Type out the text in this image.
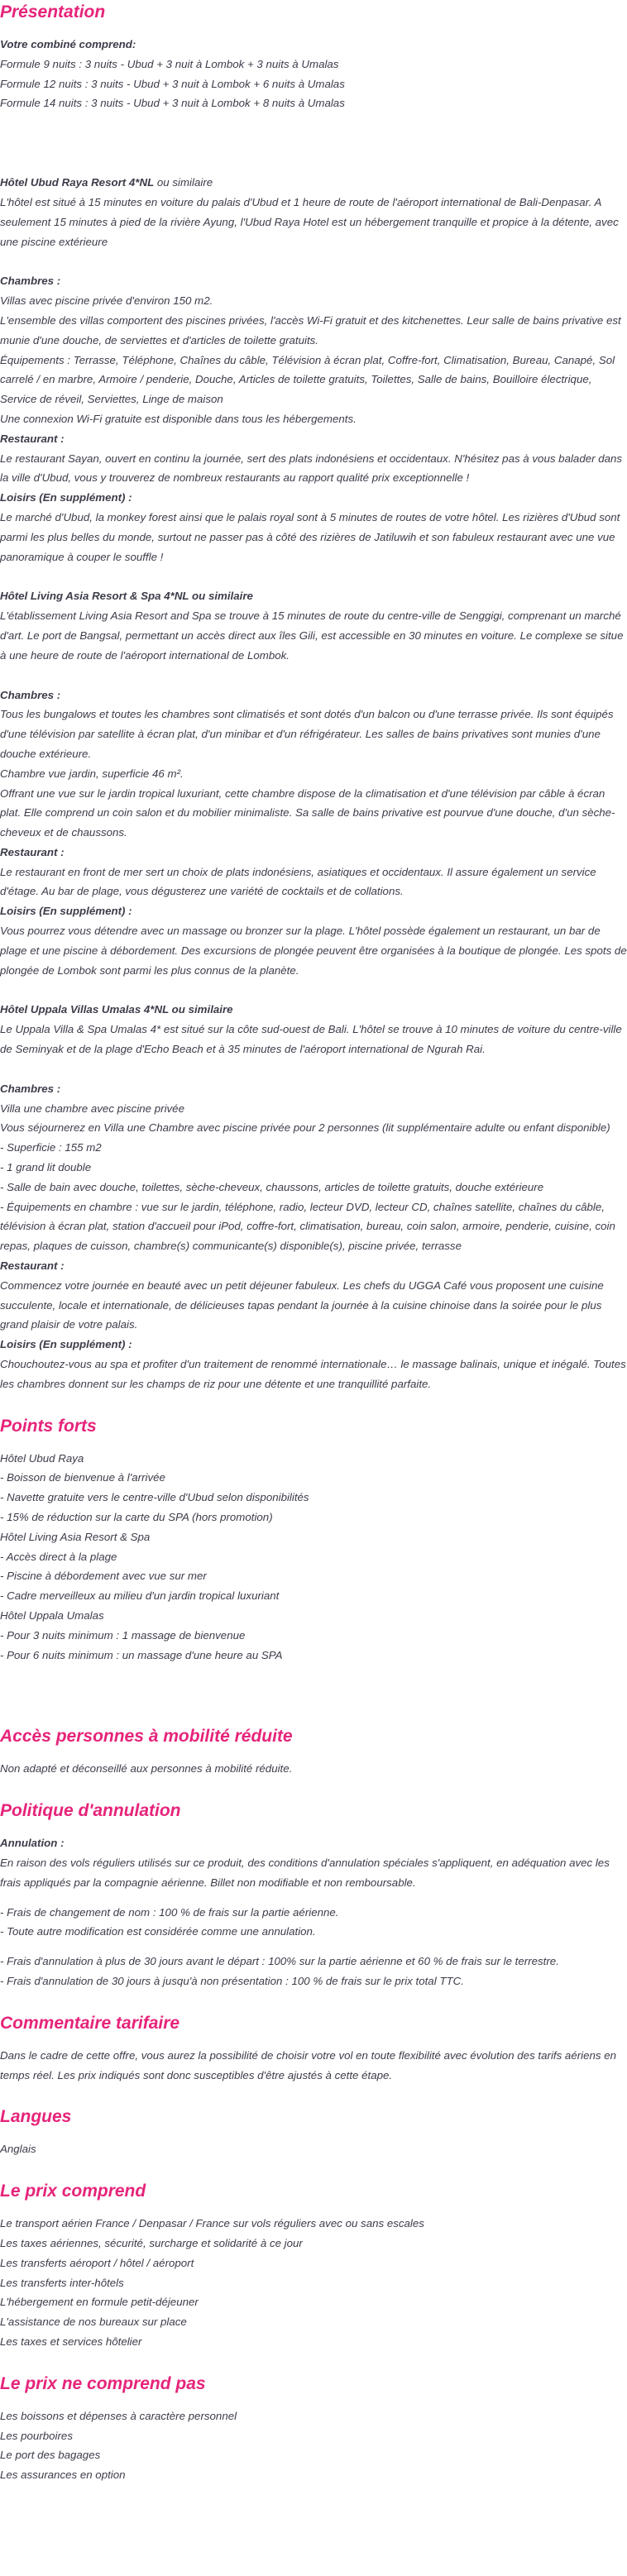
Présentation

Votre combiné comprend:

Formule 9 nuits : 3 nuits - Ubud + 3 nuit à Lombok + 3 nuits à Umalas

Formule 12 nuits : 3 nuits - Ubud + 3 nuit à Lombok + 6 nuits à Umalas

Formule 14 nuits : 3 nuits - Ubud + 3 nuit à Lombok + 8 nuits à Umalas

Hôtel Ubud Raya Resort 4*NL ou similaire

L'hôtel est situé à 15 minutes en voiture du palais d'Ubud et 1 heure de route de l'aéroport international de Bali-Denpasar. A seulement 15 minutes à pied de la rivière Ayung, l'Ubud Raya Hotel est un hébergement tranquille et propice à la détente, avec une piscine extérieure

Chambres :

Villas avec piscine privée d'environ 150 m2.

L'ensemble des villas comportent des piscines privées, l'accès Wi-Fi gratuit et des kitchenettes. Leur salle de bains privative est munie d'une douche, de serviettes et d'articles de toilette gratuits.

Équipements : Terrasse, Téléphone, Chaînes du câble, Télévision à écran plat, Coffre-fort, Climatisation, Bureau, Canapé, Sol carrelé / en marbre, Armoire / penderie, Douche, Articles de toilette gratuits, Toilettes, Salle de bains, Bouilloire électrique, Service de réveil, Serviettes, Linge de maison

Une connexion Wi-Fi gratuite est disponible dans tous les hébergements.

Restaurant :

Le restaurant Sayan, ouvert en continu la journée, sert des plats indonésiens et occidentaux. N'hésitez pas à vous balader dans la ville d'Ubud, vous y trouverez de nombreux restaurants au rapport qualité prix exceptionnelle !

Loisirs (En supplément) :

Le marché d'Ubud, la monkey forest ainsi que le palais royal sont à 5 minutes de routes de votre hôtel. Les rizières d'Ubud sont parmi les plus belles du monde, surtout ne passer pas à côté des rizières de Jatiluwih et son fabuleux restaurant avec une vue panoramique à couper le souffle !

Hôtel Living Asia Resort & Spa 4*NL ou similaire

L'établissement Living Asia Resort and Spa se trouve à 15 minutes de route du centre-ville de Senggigi, comprenant un marché d'art. Le port de Bangsal, permettant un accès direct aux îles Gili, est accessible en 30 minutes en voiture. Le complexe se situe à une heure de route de l'aéroport international de Lombok.

Chambres :

Tous les bungalows et toutes les chambres sont climatisés et sont dotés d'un balcon ou d'une terrasse privée. Ils sont équipés d'une télévision par satellite à écran plat, d'un minibar et d'un réfrigérateur. Les salles de bains privatives sont munies d'une douche extérieure.

Chambre vue jardin, superficie 46 m².

Offrant une vue sur le jardin tropical luxuriant, cette chambre dispose de la climatisation et d'une télévision par câble à écran plat. Elle comprend un coin salon et du mobilier minimaliste. Sa salle de bains privative est pourvue d'une douche, d'un sèche-cheveux et de chaussons.

Restaurant :

Le restaurant en front de mer sert un choix de plats indonésiens, asiatiques et occidentaux. Il assure également un service d'étage. Au bar de plage, vous dégusterez une variété de cocktails et de collations.

Loisirs (En supplément) :

Vous pourrez vous détendre avec un massage ou bronzer sur la plage. L'hôtel possède également un restaurant, un bar de plage et une piscine à débordement. Des excursions de plongée peuvent être organisées à la boutique de plongée. Les spots de plongée de Lombok sont parmi les plus connus de la planète.

Hôtel Uppala Villas Umalas 4*NL ou similaire

Le Uppala Villa & Spa Umalas 4* est situé sur la côte sud-ouest de Bali. L'hôtel se trouve à 10 minutes de voiture du centre-ville de Seminyak et de la plage d'Echo Beach et à 35 minutes de l'aéroport international de Ngurah Rai.

Chambres :

Villa une chambre avec piscine privée

Vous séjournerez en Villa une Chambre avec piscine privée pour 2 personnes (lit supplémentaire adulte ou enfant disponible)

- Superficie : 155 m2

- 1 grand lit double

- Salle de bain avec douche, toilettes, sèche-cheveux, chaussons, articles de toilette gratuits, douche extérieure

- Équipements en chambre : vue sur le jardin, téléphone, radio, lecteur DVD, lecteur CD, chaînes satellite, chaînes du câble, télévision à écran plat, station d'accueil pour iPod, coffre-fort, climatisation, bureau, coin salon, armoire, penderie, cuisine, coin repas, plaques de cuisson, chambre(s) communicante(s) disponible(s), piscine privée, terrasse

Restaurant :

Commencez votre journée en beauté avec un petit déjeuner fabuleux. Les chefs du UGGA Café vous proposent une cuisine succulente, locale et internationale, de délicieuses tapas pendant la journée à la cuisine chinoise dans la soirée pour le plus grand plaisir de votre palais.

Loisirs (En supplément) :

Chouchoutez-vous au spa et profiter d'un traitement de renommé internationale… le massage balinais, unique et inégalé. Toutes les chambres donnent sur les champs de riz pour une détente et une tranquillité parfaite.

Points forts

Hôtel Ubud Raya

- Boisson de bienvenue à l'arrivée

- Navette gratuite vers le centre-ville d'Ubud selon disponibilités

- 15% de réduction sur la carte du SPA (hors promotion)

Hôtel Living Asia Resort & Spa

- Accès direct à la plage

- Piscine à débordement avec vue sur mer

- Cadre merveilleux au milieu d'un jardin tropical luxuriant

Hôtel Uppala Umalas

- Pour 3 nuits minimum : 1 massage de bienvenue

- Pour 6 nuits minimum : un massage d'une heure au SPA

Accès personnes à mobilité réduite

Non adapté et déconseillé aux personnes à mobilité réduite.

Politique d'annulation

Annulation :

En raison des vols réguliers utilisés sur ce produit, des conditions d'annulation spéciales s'appliquent, en adéquation avec les frais appliqués par la compagnie aérienne. Billet non modifiable et non remboursable.

- Frais de changement de nom : 100 % de frais sur la partie aérienne.

- Toute autre modification est considérée comme une annulation.

- Frais d'annulation à plus de 30 jours avant le départ : 100% sur la partie aérienne et 60 % de frais sur le terrestre.

- Frais d'annulation de 30 jours à jusqu'à non présentation : 100 % de frais sur le prix total TTC.

Commentaire tarifaire

Dans le cadre de cette offre, vous aurez la possibilité de choisir votre vol en toute flexibilité avec évolution des tarifs aériens en temps réel. Les prix indiqués sont donc susceptibles d'être ajustés à cette étape.

Langues

Anglais

Le prix comprend

Le transport aérien France / Denpasar / France sur vols réguliers avec ou sans escales

Les taxes aériennes, sécurité, surcharge et solidarité à ce jour

Les transferts aéroport / hôtel / aéroport

Les transferts inter-hôtels

L'hébergement en formule petit-déjeuner

L'assistance de nos bureaux sur place

Les taxes et services hôtelier

Le prix ne comprend pas

Les boissons et dépenses à caractère personnel

Les pourboires

Le port des bagages

Les assurances en option
